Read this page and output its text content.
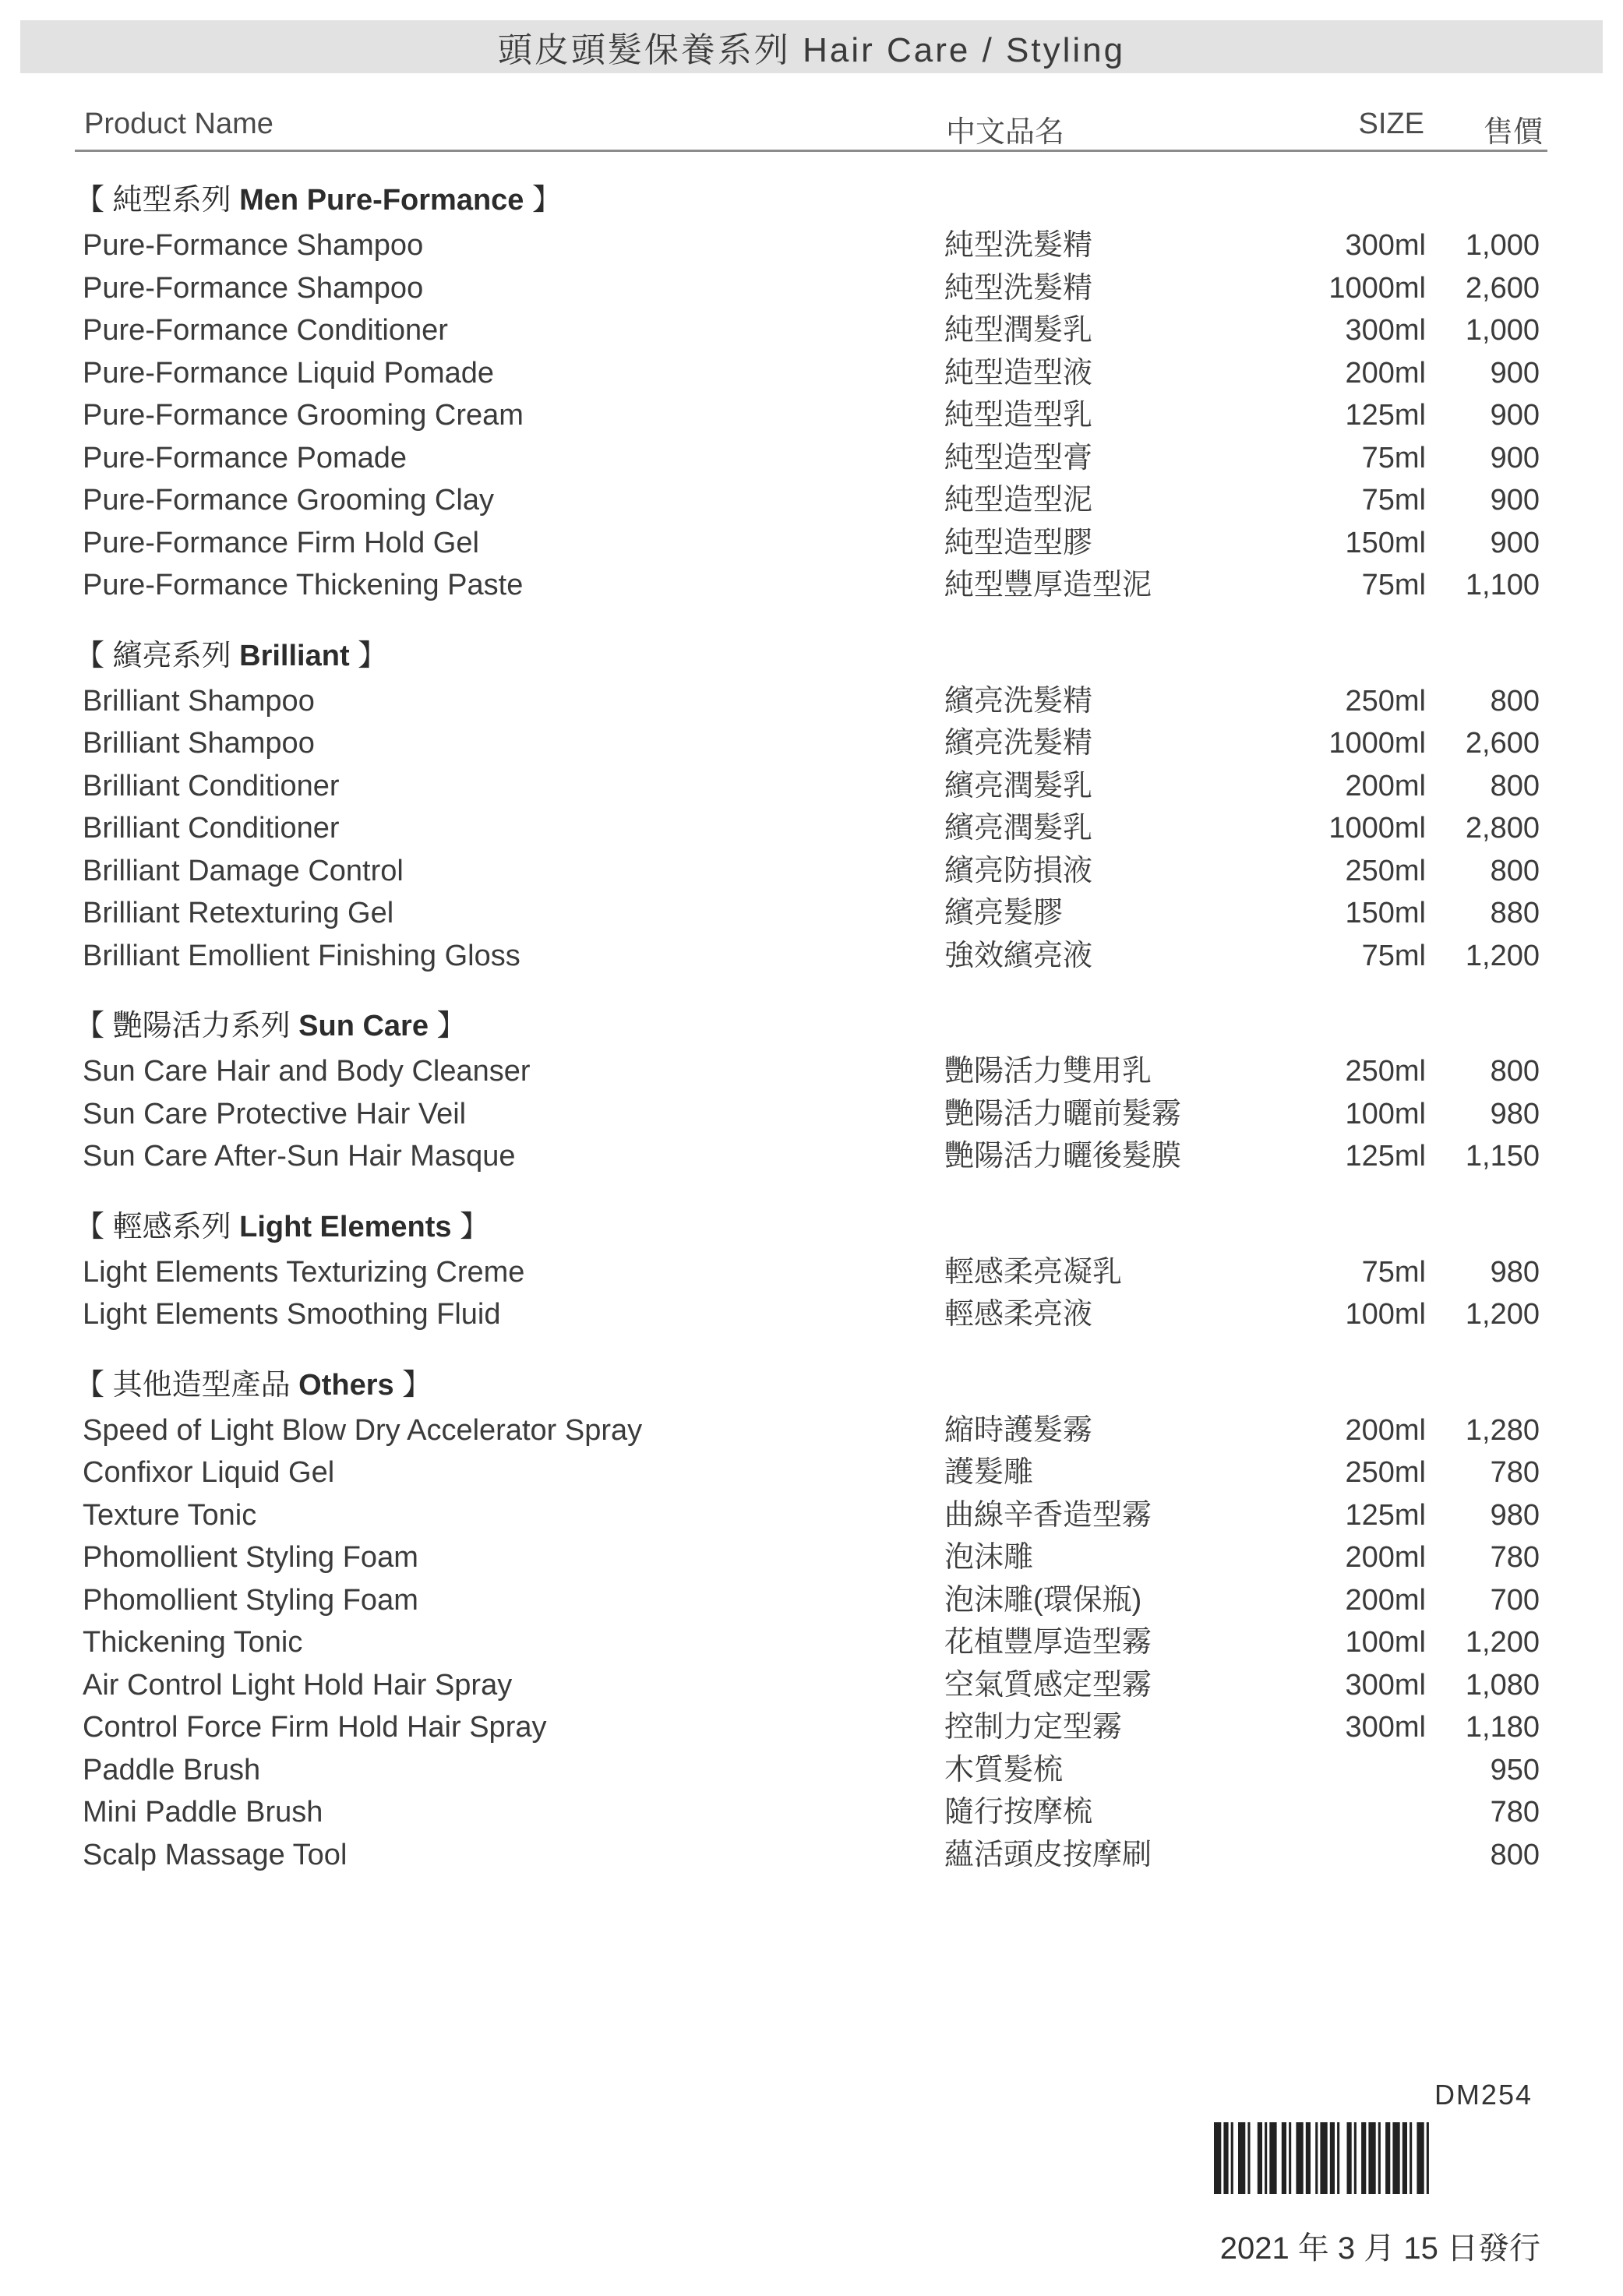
頭皮頭髮保養系列 Hair Care / Styling
Product Name	中文品名	SIZE 售價
【 純型系列 Men Pure-Formance 】
Pure-Formance Shampoo	純型洗髮精	300ml 1,000
Pure-Formance Shampoo	純型洗髮精	1000ml 2,600
Pure-Formance Conditioner	純型潤髮乳	300ml 1,000
Pure-Formance Liquid Pomade	純型造型液	200ml 900
Pure-Formance Grooming Cream	純型造型乳	125ml 900
Pure-Formance Pomade	純型造型膏	75ml 900
Pure-Formance Grooming Clay	純型造型泥	75ml 900
Pure-Formance Firm Hold Gel	純型造型膠	150ml 900
Pure-Formance Thickening Paste	純型豐厚造型泥	75ml 1,100
【 繽亮系列 Brilliant 】
Brilliant Shampoo	繽亮洗髮精	250ml 800
Brilliant Shampoo	繽亮洗髮精	1000ml 2,600
Brilliant Conditioner	繽亮潤髮乳	200ml 800
Brilliant Conditioner	繽亮潤髮乳	1000ml 2,800
Brilliant Damage Control	繽亮防損液	250ml 800
Brilliant Retexturing Gel	繽亮髮膠	150ml 880
Brilliant Emollient Finishing Gloss	強效繽亮液	75ml 1,200
【 艷陽活力系列 Sun Care 】
Sun Care Hair and Body Cleanser	艷陽活力雙用乳	250ml 800
Sun Care Protective Hair Veil	艷陽活力曬前髮霧	100ml 980
Sun Care After-Sun Hair Masque	艷陽活力曬後髮膜	125ml 1,150
【 輕感系列 Light Elements 】
Light Elements Texturizing Creme	輕感柔亮凝乳	75ml 980
Light Elements Smoothing Fluid	輕感柔亮液	100ml 1,200
【 其他造型產品 Others 】
Speed of Light Blow Dry Accelerator Spray	縮時護髮霧	200ml 1,280
Confixor Liquid Gel	護髮雕	250ml 780
Texture Tonic	曲線辛香造型霧	125ml 980
Phomollient Styling Foam	泡沫雕	200ml 780
Phomollient Styling Foam	泡沫雕(環保瓶)	200ml 700
Thickening Tonic	花植豐厚造型霧	100ml 1,200
Air Control Light Hold Hair Spray	空氣質感定型霧	300ml 1,080
Control Force Firm Hold Hair Spray	控制力定型霧	300ml 1,180
Paddle Brush	木質髮梳	950
Mini Paddle Brush	隨行按摩梳	780
Scalp Massage Tool	蘊活頭皮按摩刷	800
DM254
2021 年 3 月 15 日發行
